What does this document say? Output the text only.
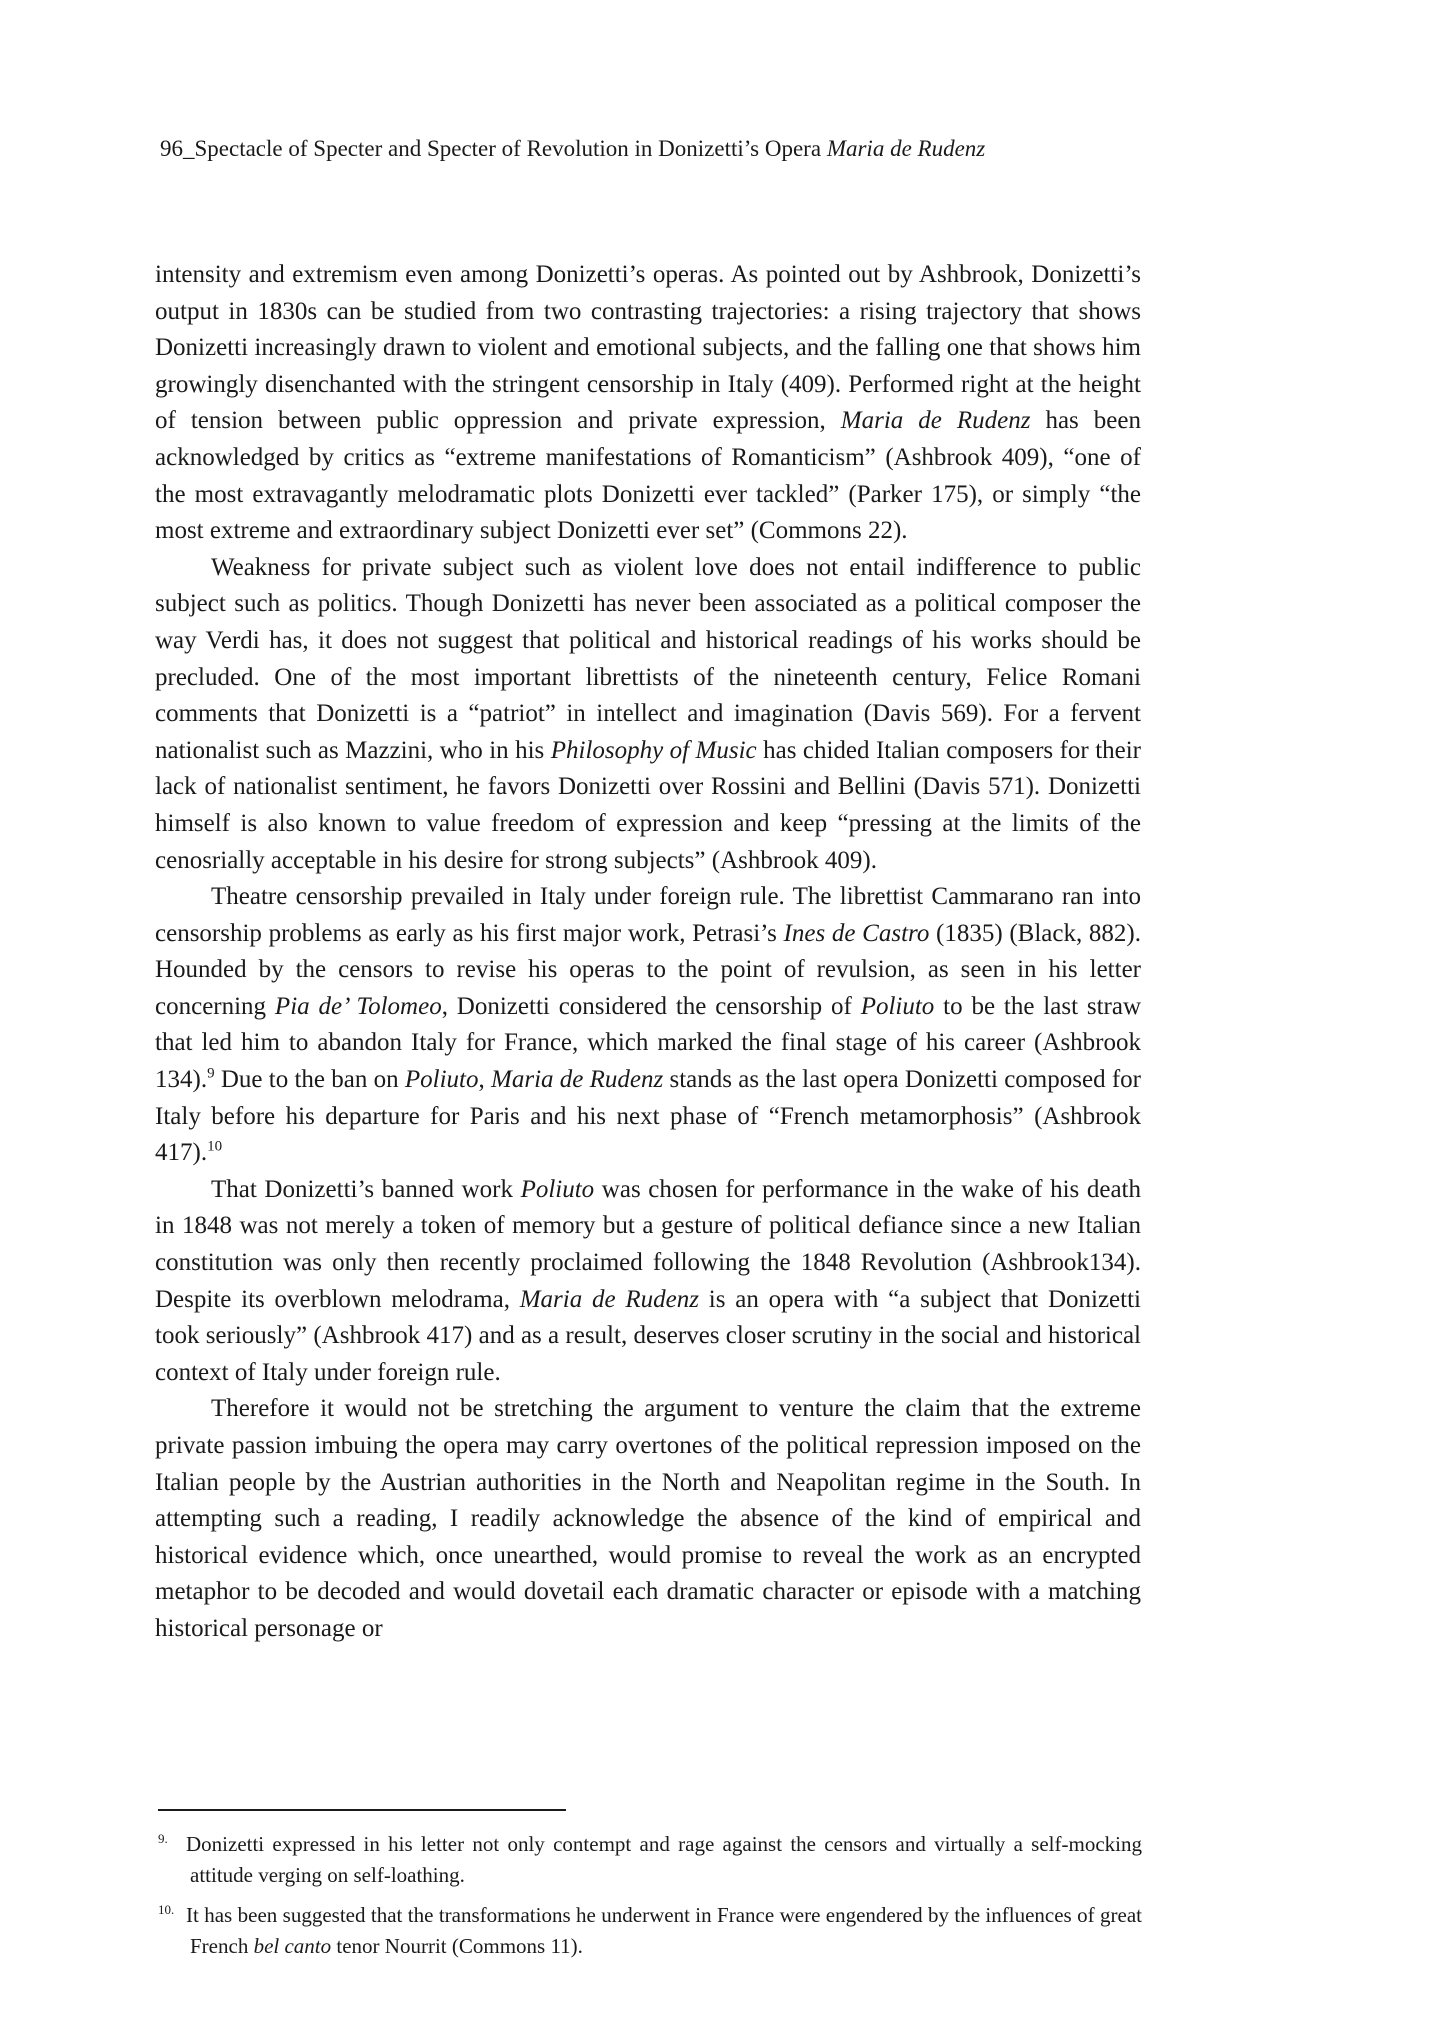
96_Spectacle of Specter and Specter of Revolution in Donizetti’s Opera Maria de Rudenz

intensity and extremism even among Donizetti’s operas. As pointed out by Ashbrook, Donizetti’s output in 1830s can be studied from two contrasting trajectories: a rising trajectory that shows Donizetti increasingly drawn to violent and emotional subjects, and the falling one that shows him growingly disenchanted with the stringent censorship in Italy (409). Performed right at the height of tension between public oppression and private expression, Maria de Rudenz has been acknowledged by critics as “extreme manifestations of Romanticism” (Ashbrook 409), “one of the most extravagantly melodramatic plots Donizetti ever tackled” (Parker 175), or simply “the most extreme and extraordinary subject Donizetti ever set” (Commons 22).

Weakness for private subject such as violent love does not entail indifference to public subject such as politics. Though Donizetti has never been associated as a political composer the way Verdi has, it does not suggest that political and historical readings of his works should be precluded. One of the most important librettists of the nineteenth century, Felice Romani comments that Donizetti is a “patriot” in intellect and imagination (Davis 569). For a fervent nationalist such as Mazzini, who in his Philosophy of Music has chided Italian composers for their lack of nationalist sentiment, he favors Donizetti over Rossini and Bellini (Davis 571). Donizetti himself is also known to value freedom of expression and keep “pressing at the limits of the cenosrially acceptable in his desire for strong subjects” (Ashbrook 409).

Theatre censorship prevailed in Italy under foreign rule. The librettist Cammarano ran into censorship problems as early as his first major work, Petrasi’s Ines de Castro (1835) (Black, 882). Hounded by the censors to revise his operas to the point of revulsion, as seen in his letter concerning Pia de’ Tolomeo, Donizetti considered the censorship of Poliuto to be the last straw that led him to abandon Italy for France, which marked the final stage of his career (Ashbrook 134).$^9$ Due to the ban on Poliuto, Maria de Rudenz stands as the last opera Donizetti composed for Italy before his departure for Paris and his next phase of “French metamorphosis” (Ashbrook 417).$^{10}$

That Donizetti’s banned work Poliuto was chosen for performance in the wake of his death in 1848 was not merely a token of memory but a gesture of political defiance since a new Italian constitution was only then recently proclaimed following the 1848 Revolution (Ashbrook134). Despite its overblown melodrama, Maria de Rudenz is an opera with “a subject that Donizetti took seriously” (Ashbrook 417) and as a result, deserves closer scrutiny in the social and historical context of Italy under foreign rule.

Therefore it would not be stretching the argument to venture the claim that the extreme private passion imbuing the opera may carry overtones of the political repression imposed on the Italian people by the Austrian authorities in the North and Neapolitan regime in the South. In attempting such a reading, I readily acknowledge the absence of the kind of empirical and historical evidence which, once unearthed, would promise to reveal the work as an encrypted metaphor to be decoded and would dovetail each dramatic character or episode with a matching historical personage or

9. Donizetti expressed in his letter not only contempt and rage against the censors and virtually a self-mocking attitude verging on self-loathing.
10. It has been suggested that the transformations he underwent in France were engendered by the influences of great French bel canto tenor Nourrit (Commons 11).
